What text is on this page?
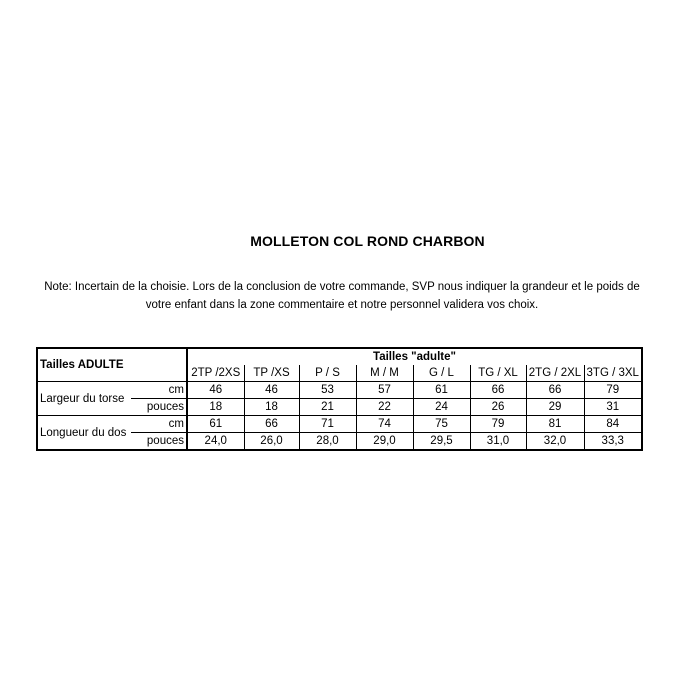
MOLLETON COL ROND CHARBON
Note: Incertain de la choisie. Lors de la conclusion de votre commande, SVP nous indiquer la grandeur et le poids de votre enfant dans la zone commentaire et notre personnel validera vos choix.
Tailles ADULTE		Tailles "adulte"							
		2TP /2XS	TP /XS	P / S	M / M	G / L	TG / XL	2TG / 2XL	3TG / 3XL
Largeur du torse	cm	46	46	53	57	61	66	66	79
	pouces	18	18	21	22	24	26	29	31
Longueur du dos	cm	61	66	71	74	75	79	81	84
	pouces	24,0	26,0	28,0	29,0	29,5	31,0	32,0	33,3
